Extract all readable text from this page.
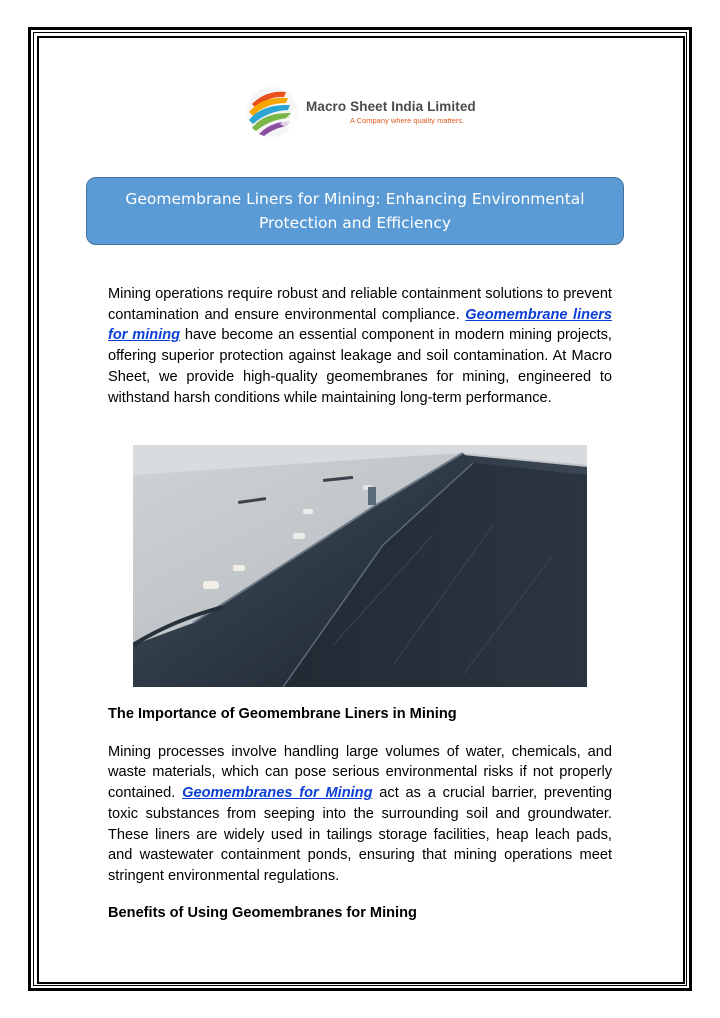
Macro Sheet India Limited
A Company where quality matters.
Geomembrane Liners for Mining: Enhancing Environmental Protection and Efficiency

Mining operations require robust and reliable containment solutions to prevent contamination and ensure environmental compliance. Geomembrane liners for mining have become an essential component in modern mining projects, offering superior protection against leakage and soil contamination. At Macro Sheet, we provide high-quality geomembranes for mining, engineered to withstand harsh conditions while maintaining long-term performance.

The Importance of Geomembrane Liners in Mining

Mining processes involve handling large volumes of water, chemicals, and waste materials, which can pose serious environmental risks if not properly contained. Geomembranes for Mining act as a crucial barrier, preventing toxic substances from seeping into the surrounding soil and groundwater. These liners are widely used in tailings storage facilities, heap leach pads, and wastewater containment ponds, ensuring that mining operations meet stringent environmental regulations.

Benefits of Using Geomembranes for Mining
